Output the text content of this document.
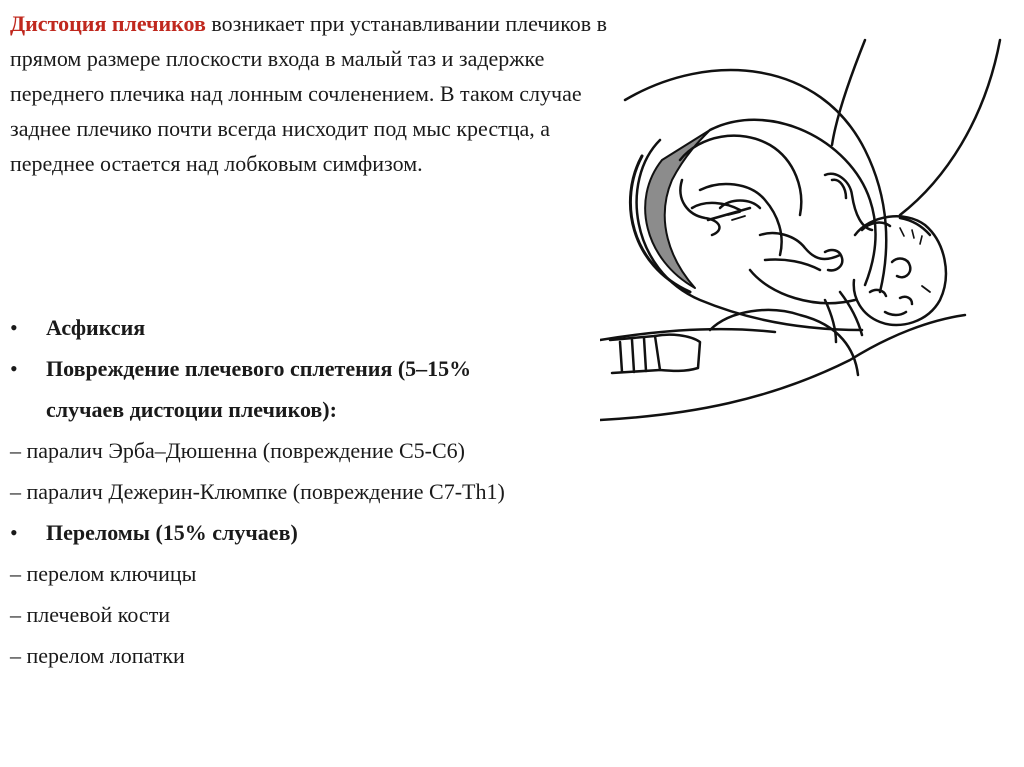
Дистоция плечиков возникает при устанавливании плечиков в прямом размере плоскости входа в малый таз и задержке переднего плечика над лонным сочленением. В таком случае заднее плечико почти всегда нисходит под мыс крестца, а переднее остается над лобковым симфизом.

• Асфиксия
• Повреждение плечевого сплетения (5–15%
случаев дистоции плечиков):
– паралич Эрба–Дюшенна (повреждение С5-С6)
– паралич Дежерин-Клюмпке (повреждение С7-Th1)
• Переломы (15% случаев)
– перелом ключицы
– плечевой кости
– перелом лопатки
